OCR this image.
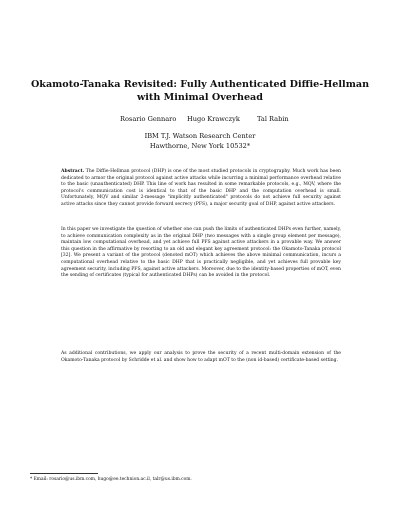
Okamoto-Tanaka Revisited: Fully Authenticated Diffie-Hellman
with Minimal Overhead
Rosario Gennaro Hugo Krawczyk	Tal Rabin
IBM T.J. Watson Research Center
Hawthorne, New York 10532*
Abstract. The Diffie-Hellman protocol (DHP) is one of the most studied protocols in cryptography. Much work has been dedicated to armor the original protocol against active attacks while incurring a minimal performance overhead relative to the basic (unauthenticated) DHP. This line of work has resulted in some remarkable protocols, e.g., MQV, where the protocol's communication cost is identical to that of the basic DHP and the computation overhead is small. Unfortunately, MQV and similar 2-message "implicitly authenticated" protocols do not achieve full security against active attacks since they cannot provide forward secrecy (PFS), a major security goal of DHP, against active attackers.
In this paper we investigate the question of whether one can push the limits of authenticated DHPs even further, namely, to achieve communication complexity as in the original DHP (two messages with a single group element per message), maintain low computational overhead, and yet achieve full PFS against active attackers in a provable way. We answer this question in the affirmative by resorting to an old and elegant key agreement protocol: the Okamoto-Tanaka protocol [32]. We present a variant of the protocol (denoted mOT) which achieves the above minimal communication, incurs a computational overhead relative to the basic DHP that is practically negligible, and yet achieves full provable key agreement security, including PFS, against active attackers. Moreover, due to the identity-based properties of mOT, even the sending of certificates (typical for authenticated DHPs) can be avoided in the protocol.
As additional contributions, we apply our analysis to prove the security of a recent multi-domain extension of the Okamoto-Tanaka protocol by Schridde et al. and show how to adapt mOT to the (non id-based) certificate-based setting.
* Email: rosario@us.ibm.com, hugo@ee.technion.ac.il, talr@us.ibm.com.
